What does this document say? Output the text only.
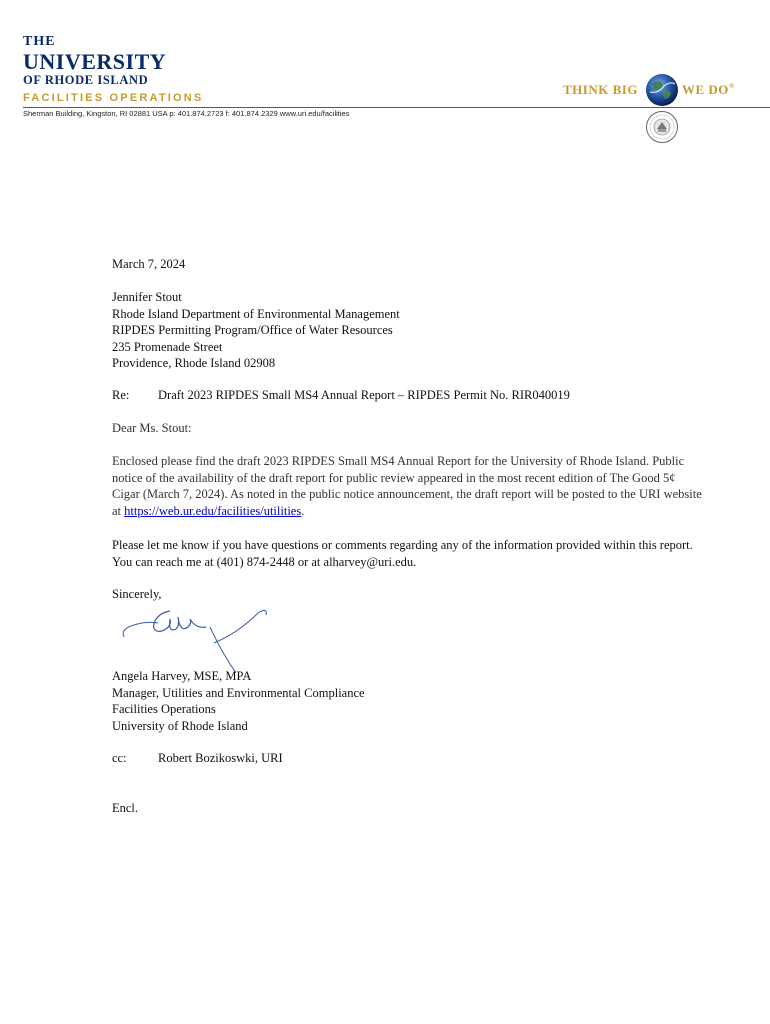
THE
UNIVERSITY
OF RHODE ISLAND
FACILITIES OPERATIONS
Sherman Building, Kingston, RI 02881 USA p: 401.874.2723 f: 401.874.2329 www.uri.edu/facilities
THINK BIG	WE DO®
March 7, 2024
Jennifer Stout
Rhode Island Department of Environmental Management
RIPDES Permitting Program/Office of Water Resources
235 Promenade Street
Providence, Rhode Island 02908
Re: Draft 2023 RIPDES Small MS4 Annual Report – RIPDES Permit No. RIR040019
Dear Ms. Stout:
Enclosed please find the draft 2023 RIPDES Small MS4 Annual Report for the University of Rhode Island. Public notice of the availability of the draft report for public review appeared in the most recent edition of The Good 5¢ Cigar (March 7, 2024). As noted in the public notice announcement, the draft report will be posted to the URI website at https://web.ur.edu/facilities/utilities.
Please let me know if you have questions or comments regarding any of the information provided within this report. You can reach me at (401) 874-2448 or at alharvey@uri.edu.
Sincerely,
Angela Harvey, MSE, MPA
Manager, Utilities and Environmental Compliance
Facilities Operations
University of Rhode Island
cc:	Robert Bozikoswki, URI
Encl.
